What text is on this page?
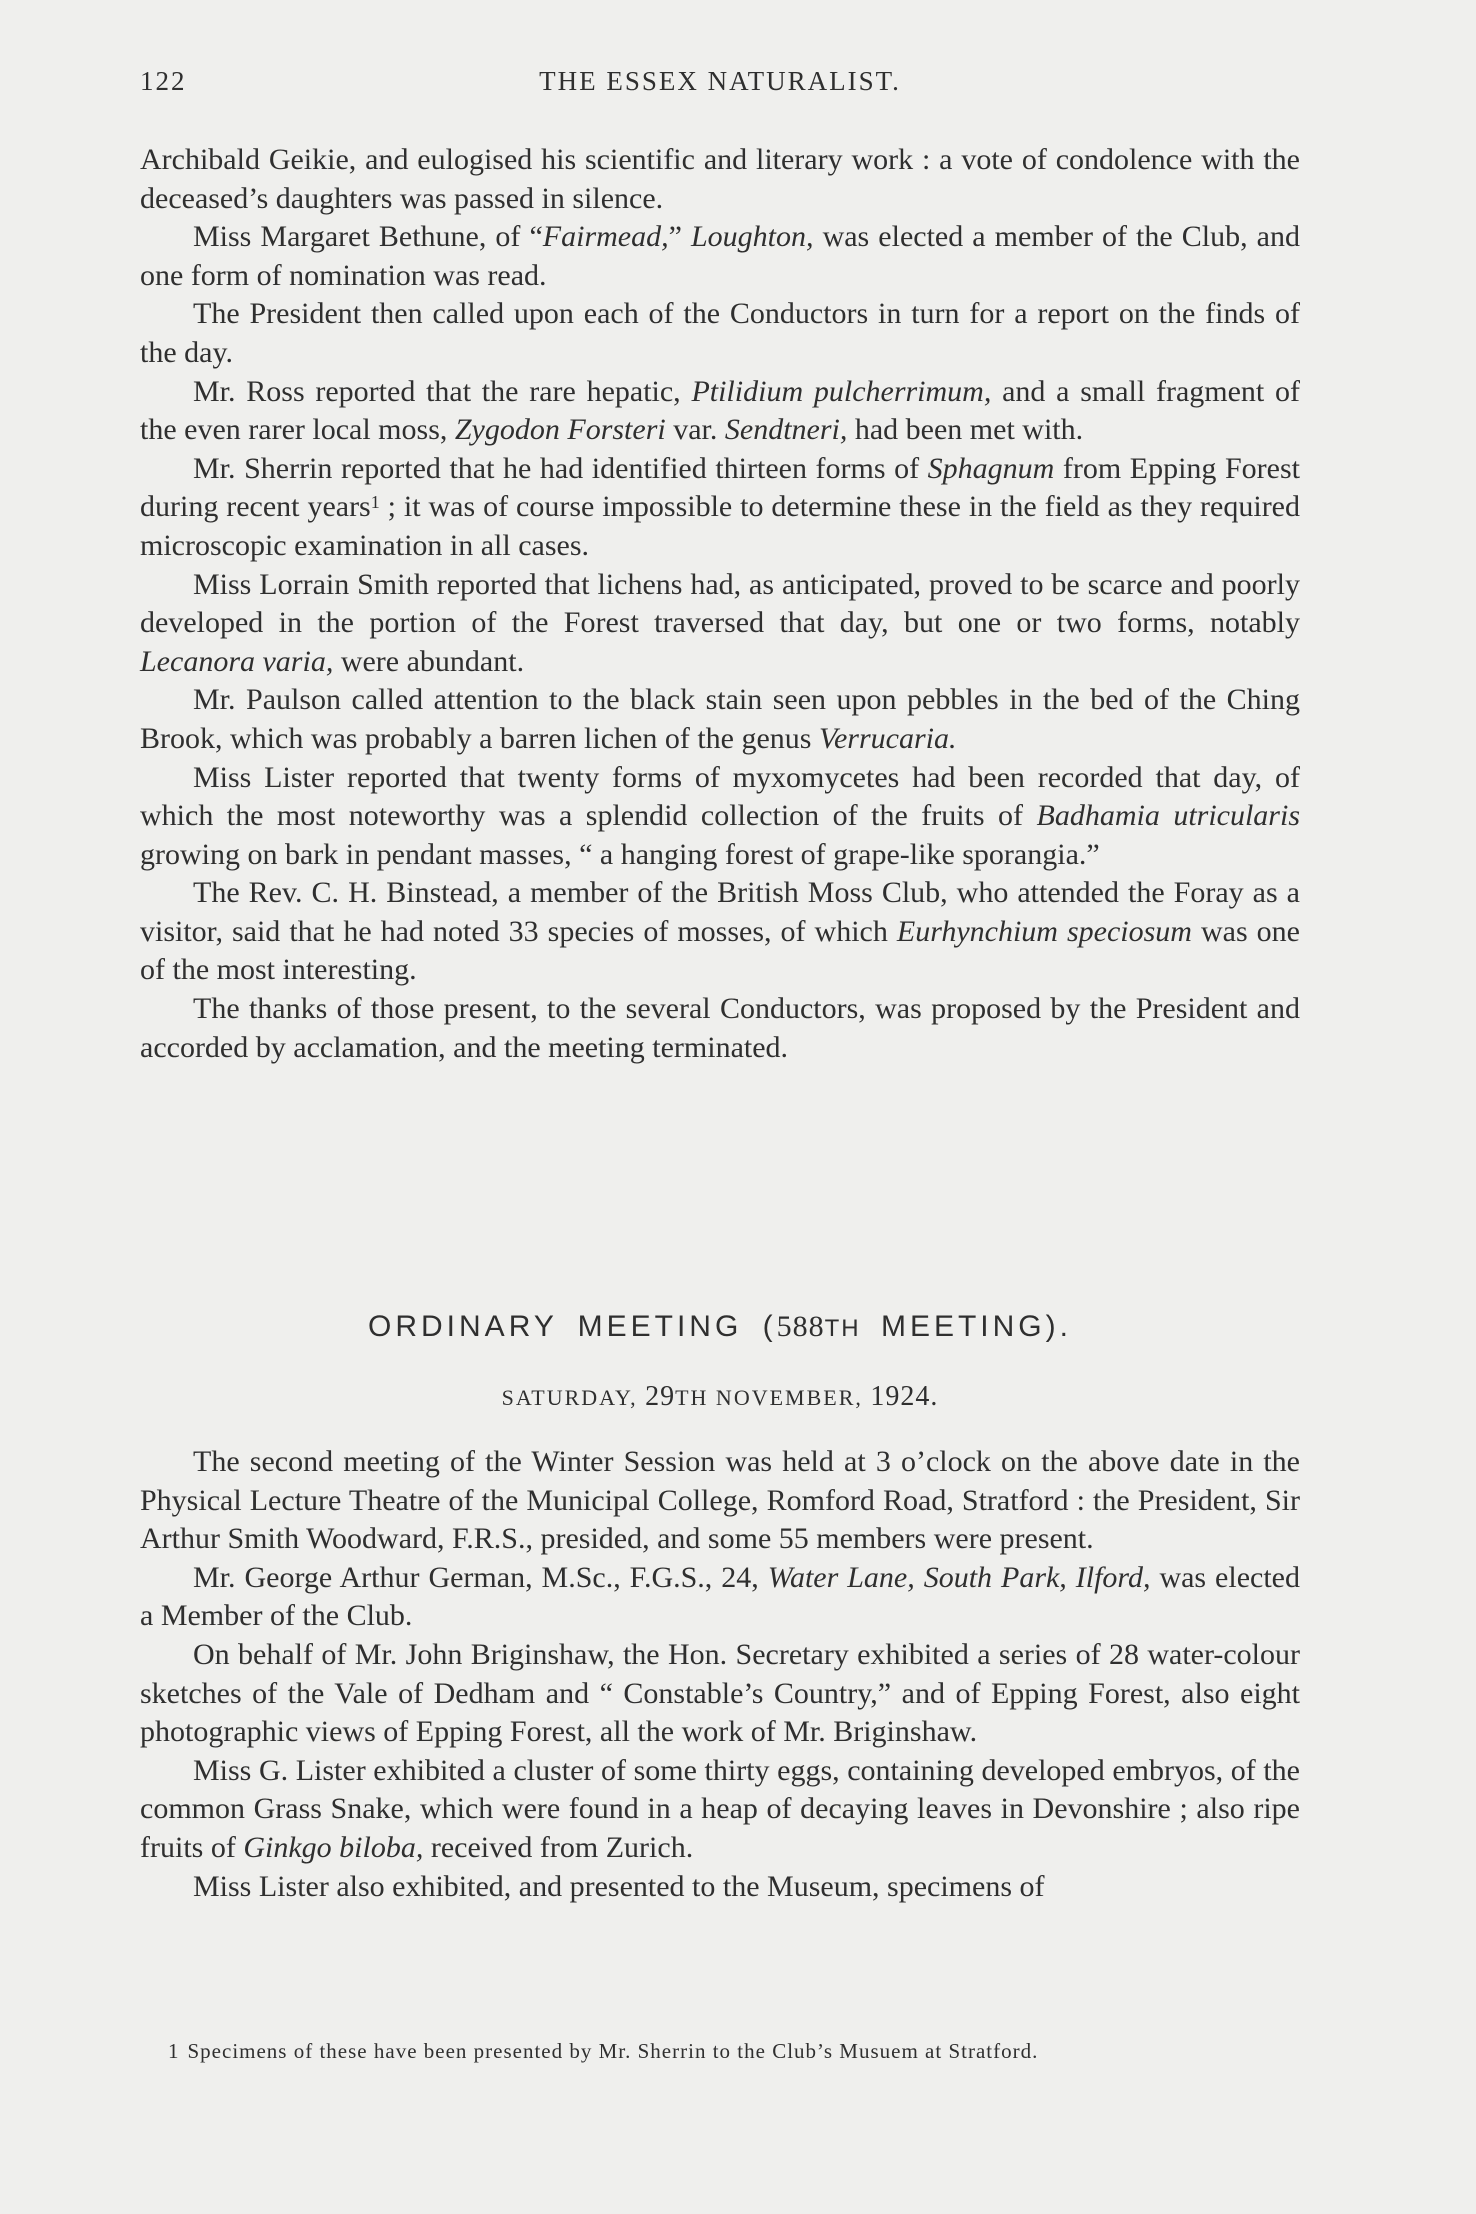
122	THE ESSEX NATURALIST.

Archibald Geikie, and eulogised his scientific and literary work : a vote of condolence with the deceased’s daughters was passed in silence.

Miss Margaret Bethune, of “Fairmead,” Loughton, was elected a member of the Club, and one form of nomination was read.

The President then called upon each of the Conductors in turn for a report on the finds of the day.

Mr. Ross reported that the rare hepatic, Ptilidium pulcherrimum, and a small fragment of the even rarer local moss, Zygodon Forsteri var. Sendtneri, had been met with.

Mr. Sherrin reported that he had identified thirteen forms of Sphagnum from Epping Forest during recent years$^1$ ; it was of course impossible to determine these in the field as they required microscopic examination in all cases.

Miss Lorrain Smith reported that lichens had, as anticipated, proved to be scarce and poorly developed in the portion of the Forest traversed that day, but one or two forms, notably Lecanora varia, were abundant.

Mr. Paulson called attention to the black stain seen upon pebbles in the bed of the Ching Brook, which was probably a barren lichen of the genus Verrucaria.

Miss Lister reported that twenty forms of myxomycetes had been recorded that day, of which the most noteworthy was a splendid collection of the fruits of Badhamia utricularis growing on bark in pendant masses, “ a hanging forest of grape-like sporangia.”

The Rev. C. H. Binstead, a member of the British Moss Club, who attended the Foray as a visitor, said that he had noted 33 species of mosses, of which Eurhynchium speciosum was one of the most interesting.

The thanks of those present, to the several Conductors, was proposed by the President and accorded by acclamation, and the meeting terminated.

ORDINARY MEETING (588TH MEETING).
SATURDAY, 29TH NOVEMBER, 1924.

The second meeting of the Winter Session was held at 3 o’clock on the above date in the Physical Lecture Theatre of the Municipal College, Romford Road, Stratford : the President, Sir Arthur Smith Woodward, F.R.S., presided, and some 55 members were present.

Mr. George Arthur German, M.Sc., F.G.S., 24, Water Lane, South Park, Ilford, was elected a Member of the Club.

On behalf of Mr. John Briginshaw, the Hon. Secretary exhibited a series of 28 water-colour sketches of the Vale of Dedham and “ Constable’s Country,” and of Epping Forest, also eight photographic views of Epping Forest, all the work of Mr. Briginshaw.

Miss G. Lister exhibited a cluster of some thirty eggs, containing developed embryos, of the common Grass Snake, which were found in a heap of decaying leaves in Devonshire ; also ripe fruits of Ginkgo biloba, received from Zurich.

Miss Lister also exhibited, and presented to the Museum, specimens of

1 Specimens of these have been presented by Mr. Sherrin to the Club’s Musuem at Stratford.
